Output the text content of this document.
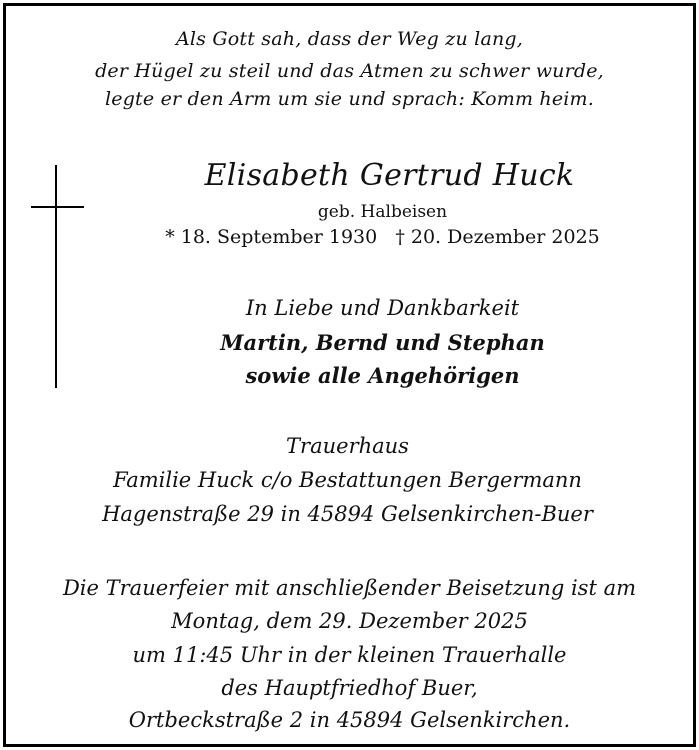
Als Gott sah, dass der Weg zu lang,
der Hügel zu steil und das Atmen zu schwer wurde,
legte er den Arm um sie und sprach: Komm heim.
Elisabeth Gertrud Huck
geb. Halbeisen
* 18. September 1930   † 20. Dezember 2025
In Liebe und Dankbarkeit
Martin, Bernd und Stephan
sowie alle Angehörigen
Trauerhaus
Familie Huck c/o Bestattungen Bergermann
Hagenstraße 29 in 45894 Gelsenkirchen-Buer
Die Trauerfeier mit anschließender Beisetzung ist am
Montag, dem 29. Dezember 2025
um 11:45 Uhr in der kleinen Trauerhalle
des Hauptfriedhof Buer,
Ortbeckstraße 2 in 45894 Gelsenkirchen.
